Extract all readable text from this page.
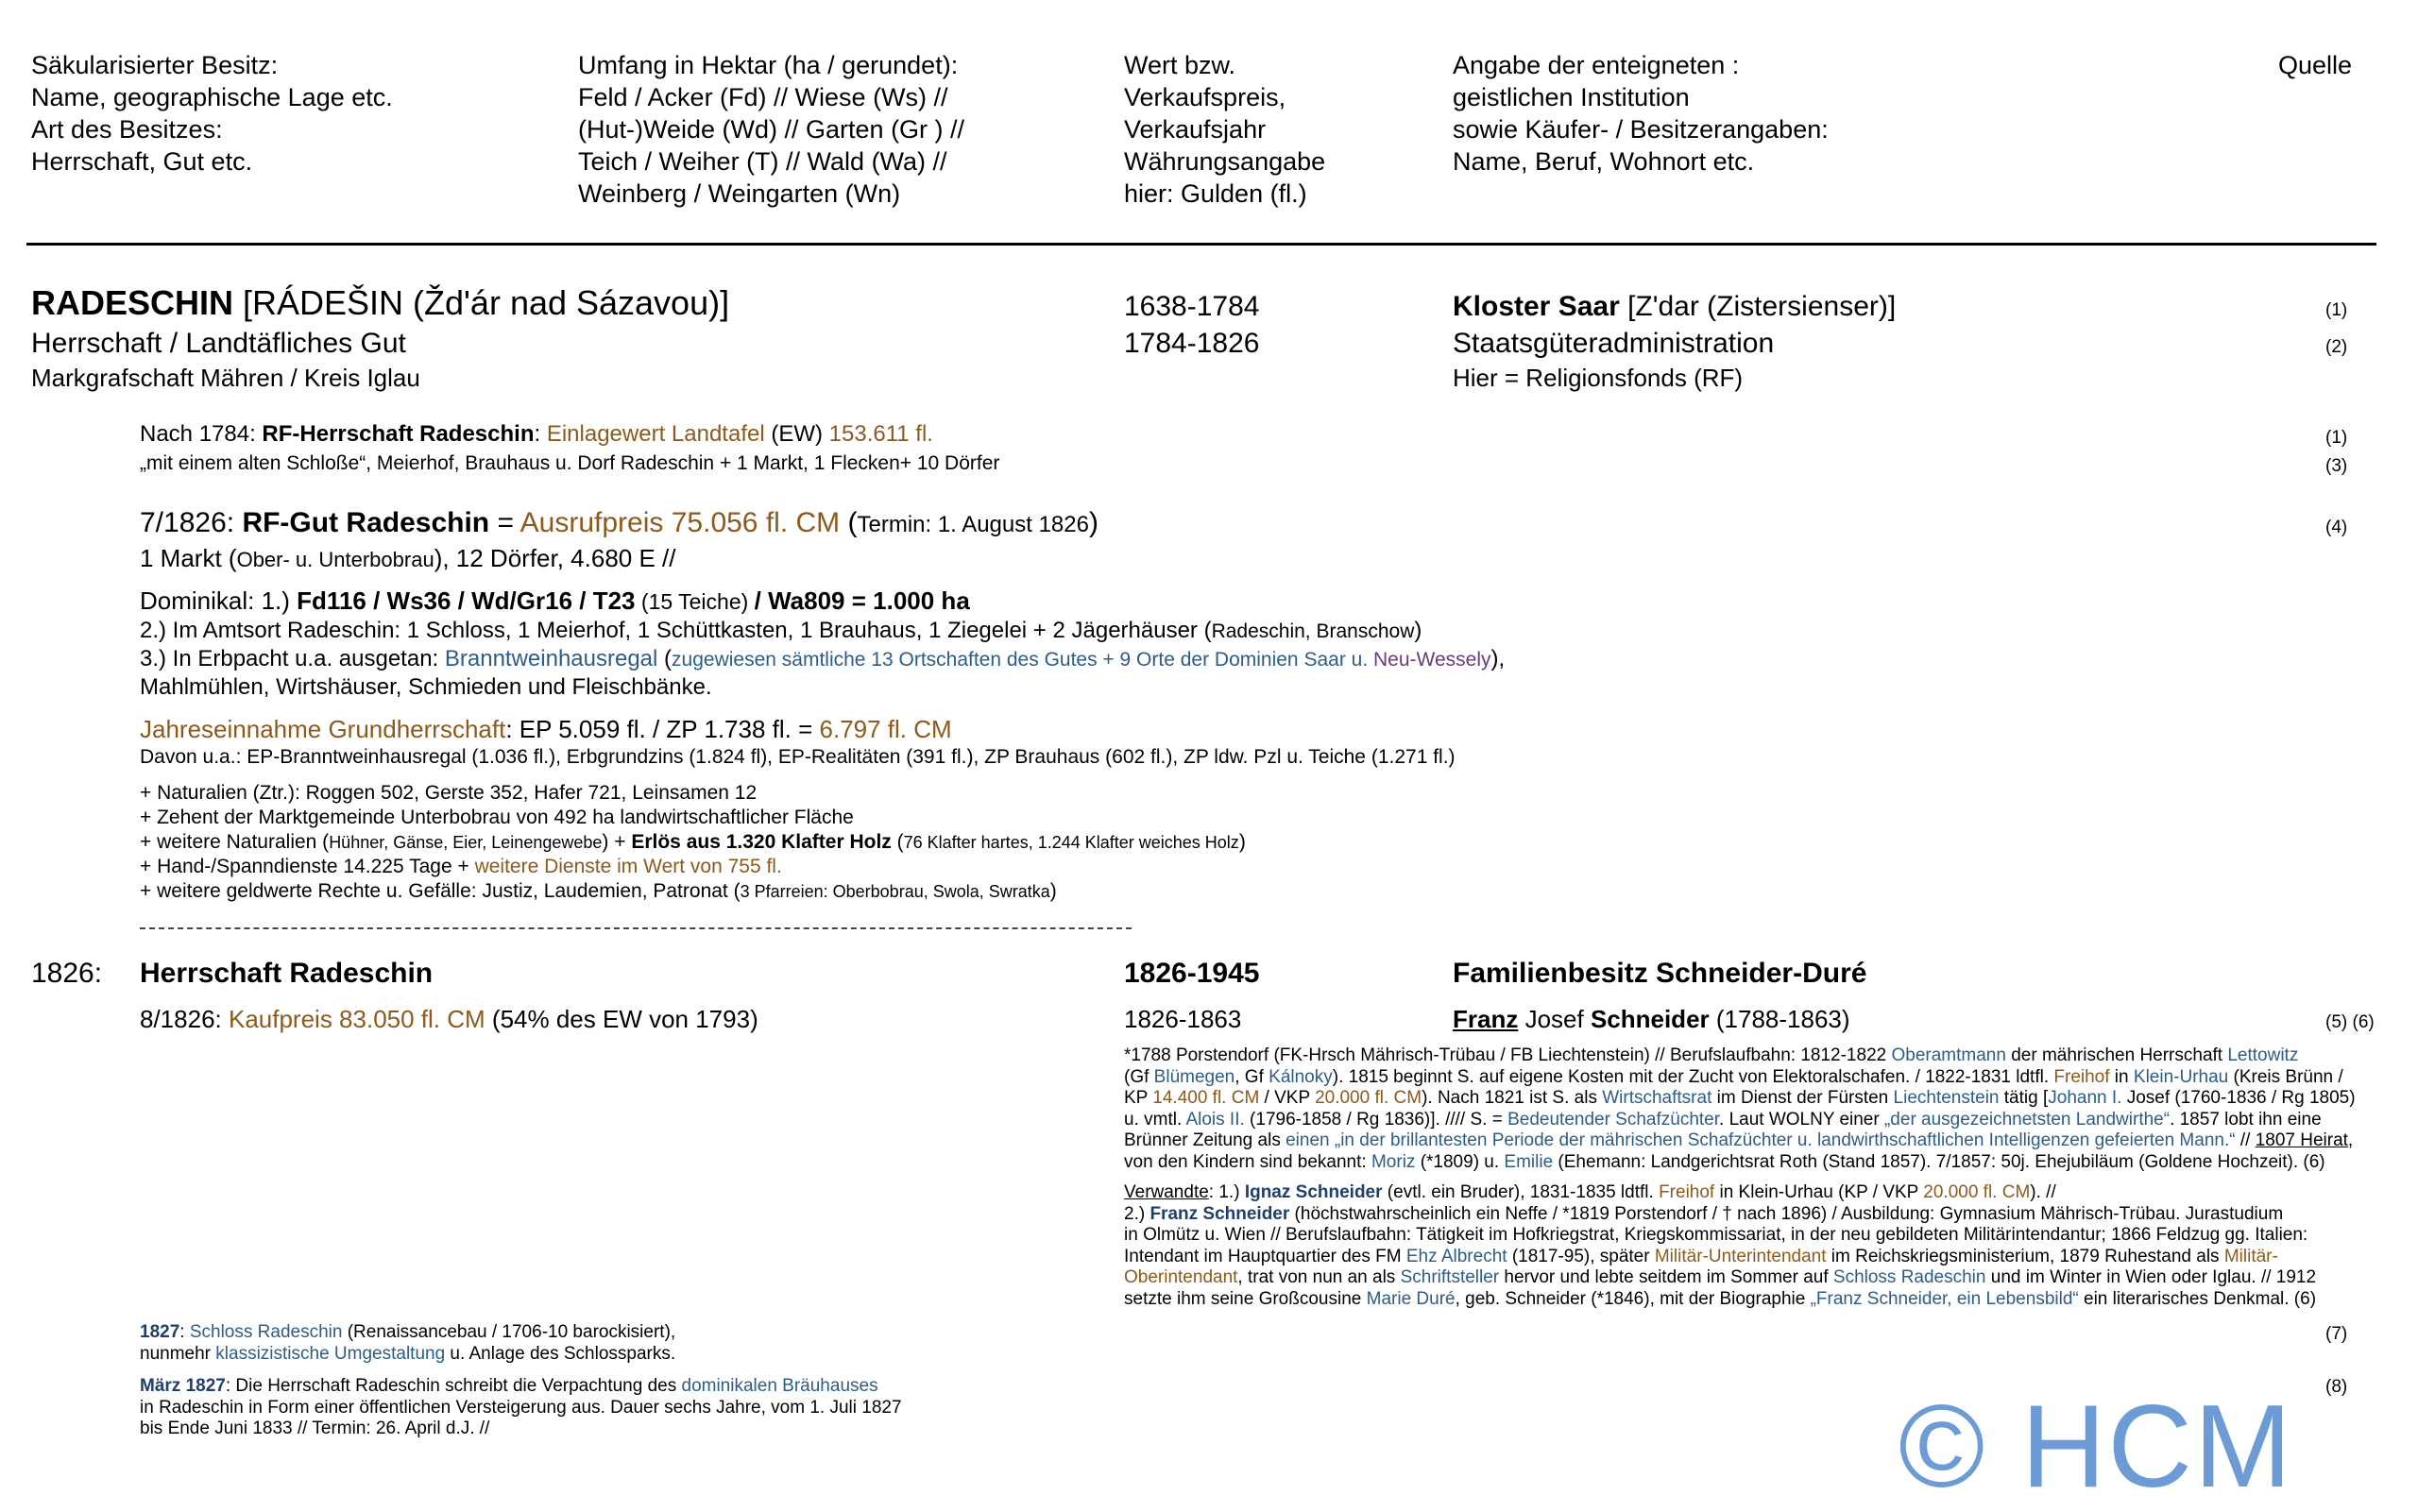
Säkularisierter Besitz:
Name, geographische Lage etc.
Art des Besitzes:
Herrschaft, Gut etc.
Umfang in Hektar (ha / gerundet):
Feld / Acker (Fd) // Wiese (Ws) //
(Hut-)Weide (Wd) // Garten (Gr ) //
Teich / Weiher (T) // Wald (Wa) //
Weinberg / Weingarten (Wn)
Wert bzw.
Verkaufspreis,
Verkaufsjahr
Währungsangabe
hier: Gulden (fl.)
Angabe der enteigneten :
geistlichen Institution
sowie Käufer- / Besitzerangaben:
Name, Beruf, Wohnort etc.
Quelle
RADESCHIN [RÁDEŠIN (Žd'ár nad Sázavou)]
Herrschaft / Landtäfliches Gut
Markgrafschaft Mähren / Kreis Iglau
1638-1784
1784-1826
Kloster Saar [Z'dar (Zistersienser)]
Staatsgüteradministration
Hier = Religionsfonds (RF)
(1)
(2)
Nach 1784: RF-Herrschaft Radeschin: Einlagewert Landtafel (EW) 153.611 fl.
„mit einem alten Schloße“, Meierhof, Brauhaus u. Dorf Radeschin + 1 Markt, 1 Flecken+ 10 Dörfer
(1)
(3)
7/1826: RF-Gut Radeschin = Ausrufpreis 75.056 fl. CM (Termin: 1. August 1826)
1 Markt (Ober- u. Unterbobrau), 12 Dörfer, 4.680 E //
(4)
Dominikal: 1.) Fd116 / Ws36 / Wd/Gr16 / T23 (15 Teiche) / Wa809 = 1.000 ha
2.) Im Amtsort Radeschin: 1 Schloss, 1 Meierhof, 1 Schüttkasten, 1 Brauhaus, 1 Ziegelei + 2 Jägerhäuser (Radeschin, Branschow)
3.) In Erbpacht u.a. ausgetan: Branntweinhausregal (zugewiesen sämtliche 13 Ortschaften des Gutes + 9 Orte der Dominien Saar u. Neu-Wessely),
Mahlmühlen, Wirtshäuser, Schmieden und Fleischbänke.
Jahreseinnahme Grundherrschaft: EP 5.059 fl. / ZP 1.738 fl. = 6.797 fl. CM
Davon u.a.: EP-Branntweinhausregal (1.036 fl.), Erbgrundzins (1.824 fl), EP-Realitäten (391 fl.), ZP Brauhaus (602 fl.), ZP ldw. Pzl u. Teiche (1.271 fl.)
+ Naturalien (Ztr.): Roggen 502, Gerste 352, Hafer 721, Leinsamen 12
+ Zehent der Marktgemeinde Unterbobrau von 492 ha landwirtschaftlicher Fläche
+ weitere Naturalien (Hühner, Gänse, Eier, Leinengewebe) + Erlös aus 1.320 Klafter Holz (76 Klafter hartes, 1.244 Klafter weiches Holz)
+ Hand-/Spanndienste 14.225 Tage + weitere Dienste im Wert von 755 fl.
+ weitere geldwerte Rechte u. Gefälle: Justiz, Laudemien, Patronat (3 Pfarreien: Oberbobrau, Swola, Swratka)
1826: Herrschaft Radeschin
8/1826: Kaufpreis 83.050 fl. CM (54% des EW von 1793)
1826-1945
1826-1863
Familienbesitz Schneider-Duré
Franz Josef Schneider (1788-1863)	(5) (6)
*1788 Porstendorf (FK-Hrsch Mährisch-Trübau / FB Liechtenstein) // Berufslaufbahn: 1812-1822 Oberamtmann der mährischen Herrschaft Lettowitz
(Gf Blümegen, Gf Kálnoky). 1815 beginnt S. auf eigene Kosten mit der Zucht von Elektoralschafen. / 1822-1831 ldtfl. Freihof in Klein-Urhau (Kreis Brünn /
KP 14.400 fl. CM / VKP 20.000 fl. CM). Nach 1821 ist S. als Wirtschaftsrat im Dienst der Fürsten Liechtenstein tätig [Johann I. Josef (1760-1836 / Rg 1805)
u. vmtl. Alois II. (1796-1858 / Rg 1836)]. //// S. = Bedeutender Schafzüchter. Laut WOLNY einer „der ausgezeichnetsten Landwirthe“. 1857 lobt ihn eine
Brünner Zeitung als einen „in der brillantesten Periode der mährischen Schafzüchter u. landwirthschaftlichen Intelligenzen gefeierten Mann.“ // 1807 Heirat,
von den Kindern sind bekannt: Moriz (*1809) u. Emilie (Ehemann: Landgerichtsrat Roth (Stand 1857). 7/1857: 50j. Ehejubiläum (Goldene Hochzeit). (6)
Verwandte: 1.) Ignaz Schneider (evtl. ein Bruder), 1831-1835 ldtfl. Freihof in Klein-Urhau (KP / VKP 20.000 fl. CM). //
2.) Franz Schneider (höchstwahrscheinlich ein Neffe / *1819 Porstendorf / † nach 1896) / Ausbildung: Gymnasium Mährisch-Trübau. Jurastudium
in Olmütz u. Wien // Berufslaufbahn: Tätigkeit im Hofkriegstrat, Kriegskommissariat, in der neu gebildeten Militärintendantur; 1866 Feldzug gg. Italien:
Intendant im Hauptquartier des FM Ehz Albrecht (1817-95), später Militär-Unterintendant im Reichskriegsministerium, 1879 Ruhestand als Militär-
Oberintendant, trat von nun an als Schriftsteller hervor und lebte seitdem im Sommer auf Schloss Radeschin und im Winter in Wien oder Iglau. // 1912
setzte ihm seine Großcousine Marie Duré, geb. Schneider (*1846), mit der Biographie „Franz Schneider, ein Lebensbild“ ein literarisches Denkmal. (6)
1827: Schloss Radeschin (Renaissancebau / 1706-10 barockisiert),
nunmehr klassizistische Umgestaltung u. Anlage des Schlossparks.
(7)
März 1827: Die Herrschaft Radeschin schreibt die Verpachtung des dominikalen Bräuhauses
in Radeschin in Form einer öffentlichen Versteigerung aus. Dauer sechs Jahre, vom 1. Juli 1827
bis Ende Juni 1833 // Termin: 26. April d.J. //
(8)
© HCM
